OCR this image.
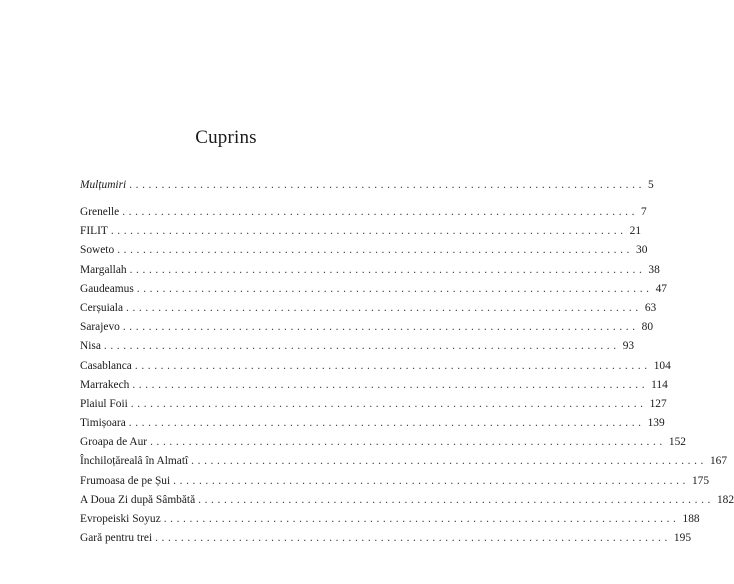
Cuprins
Mulțumiri ................................................................................ 5
Grenelle ................................................................................ 7
FILIT ................................................................................ 21
Soweto ................................................................................ 30
Margallah ................................................................................ 38
Gaudeamus ................................................................................ 47
Cerșuiala ................................................................................ 63
Sarajevo ................................................................................ 80
Nisa ................................................................................ 93
Casablanca ................................................................................ 104
Marrakech ................................................................................ 114
Plaiul Foii ................................................................................ 127
Timișoara ................................................................................ 139
Groapa de Aur ................................................................................ 152
Închiloțărealâ în Almatî ................................................................................ 167
Frumoasa de pe Șui ................................................................................ 175
A Doua Zi după Sâmbătă ................................................................................ 182
Evropeiski Soyuz ................................................................................ 188
Gară pentru trei ................................................................................ 195
